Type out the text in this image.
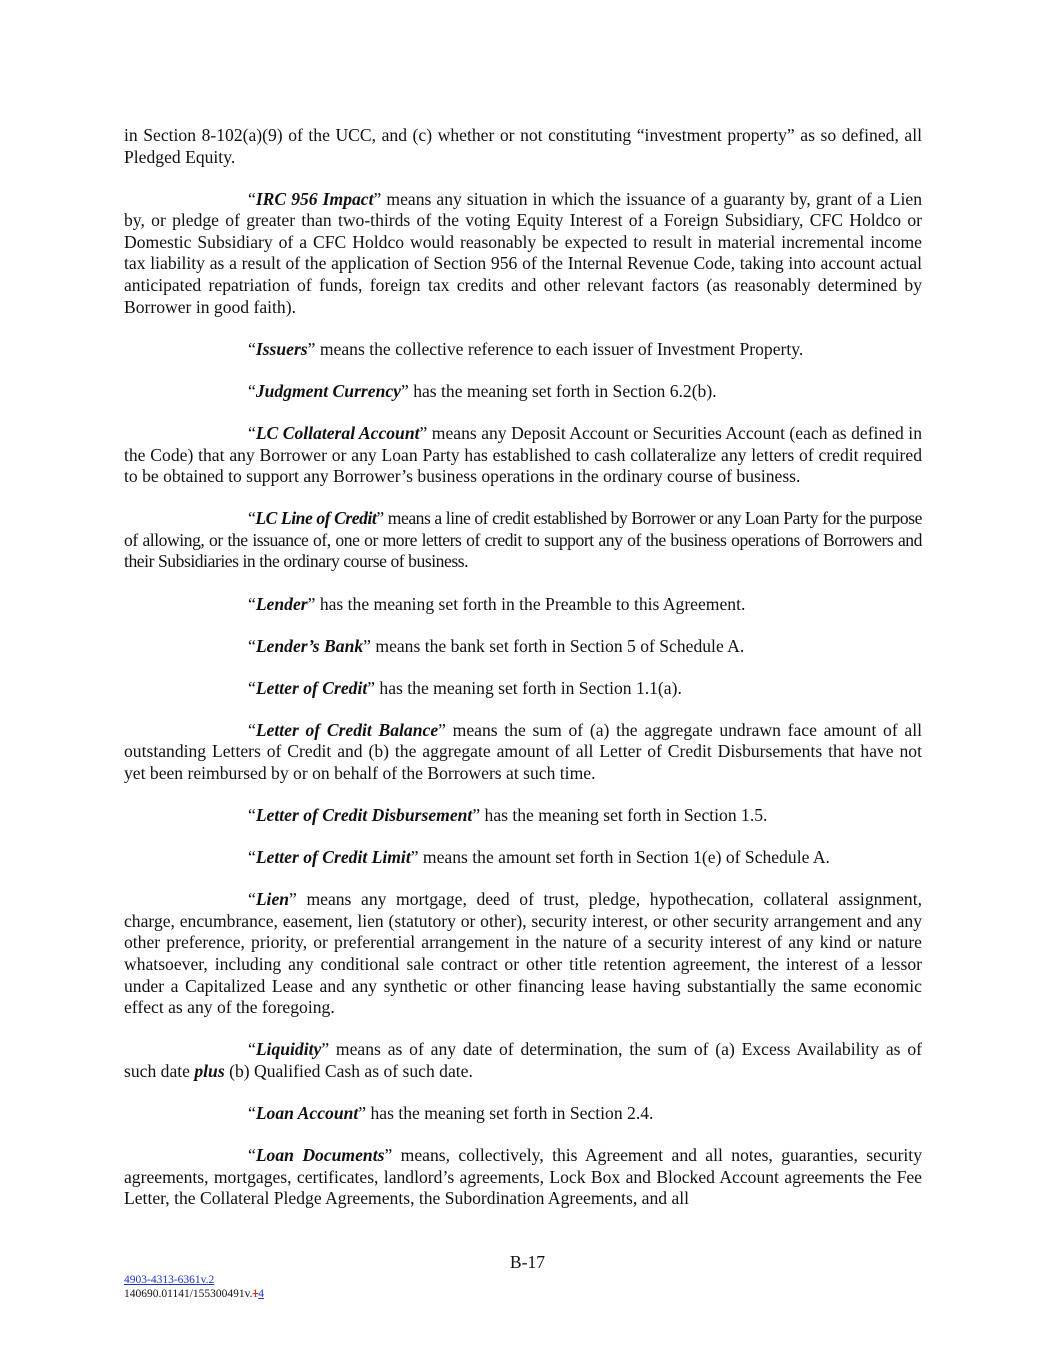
in Section 8-102(a)(9) of the UCC, and (c) whether or not constituting “investment property” as so defined, all Pledged Equity.

“IRC 956 Impact” means any situation in which the issuance of a guaranty by, grant of a Lien by, or pledge of greater than two-thirds of the voting Equity Interest of a Foreign Subsidiary, CFC Holdco or Domestic Subsidiary of a CFC Holdco would reasonably be expected to result in material incremental income tax liability as a result of the application of Section 956 of the Internal Revenue Code, taking into account actual anticipated repatriation of funds, foreign tax credits and other relevant factors (as reasonably determined by Borrower in good faith).

“Issuers” means the collective reference to each issuer of Investment Property.

“Judgment Currency” has the meaning set forth in Section 6.2(b).

“LC Collateral Account” means any Deposit Account or Securities Account (each as defined in the Code) that any Borrower or any Loan Party has established to cash collateralize any letters of credit required to be obtained to support any Borrower’s business operations in the ordinary course of business.

“LC Line of Credit” means a line of credit established by Borrower or any Loan Party for the purpose of allowing, or the issuance of, one or more letters of credit to support any of the business operations of Borrowers and their Subsidiaries in the ordinary course of business.

“Lender” has the meaning set forth in the Preamble to this Agreement.

“Lender’s Bank” means the bank set forth in Section 5 of Schedule A.

“Letter of Credit” has the meaning set forth in Section 1.1(a).

“Letter of Credit Balance” means the sum of (a) the aggregate undrawn face amount of all outstanding Letters of Credit and (b) the aggregate amount of all Letter of Credit Disbursements that have not yet been reimbursed by or on behalf of the Borrowers at such time.

“Letter of Credit Disbursement” has the meaning set forth in Section 1.5.

“Letter of Credit Limit” means the amount set forth in Section 1(e) of Schedule A.

“Lien” means any mortgage, deed of trust, pledge, hypothecation, collateral assignment, charge, encumbrance, easement, lien (statutory or other), security interest, or other security arrangement and any other preference, priority, or preferential arrangement in the nature of a security interest of any kind or nature whatsoever, including any conditional sale contract or other title retention agreement, the interest of a lessor under a Capitalized Lease and any synthetic or other financing lease having substantially the same economic effect as any of the foregoing.

“Liquidity” means as of any date of determination, the sum of (a) Excess Availability as of such date plus (b) Qualified Cash as of such date.

“Loan Account” has the meaning set forth in Section 2.4.

“Loan Documents” means, collectively, this Agreement and all notes, guaranties, security agreements, mortgages, certificates, landlord’s agreements, Lock Box and Blocked Account agreements the Fee Letter, the Collateral Pledge Agreements, the Subordination Agreements, and all

B-17
4903-4313-6361v.2
140690.01141/155300491v.14
